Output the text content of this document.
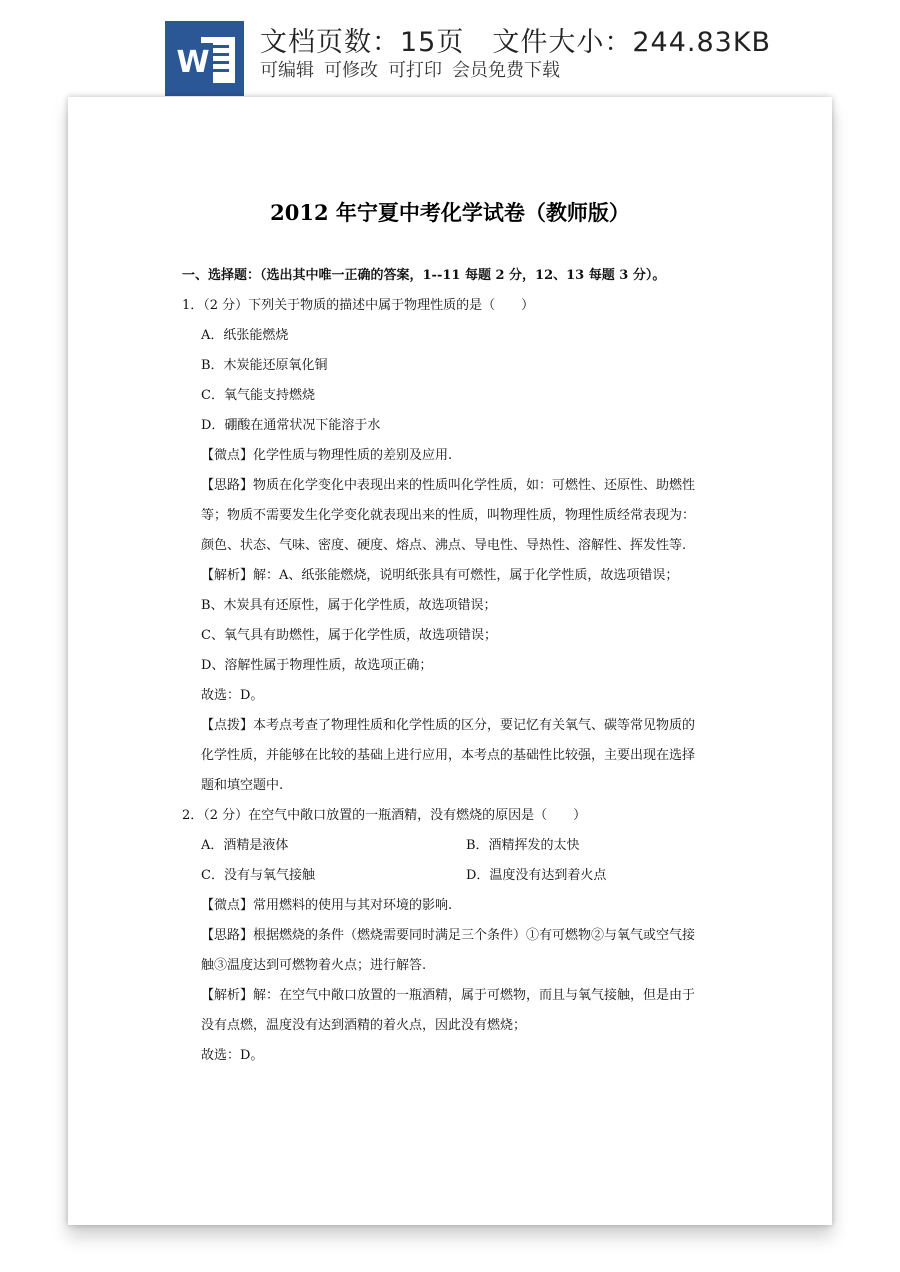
W
文档页数：15页 文件大小：244.83KB
可编辑 可修改 可打印 会员免费下载
2012 年宁夏中考化学试卷（教师版）
一、选择题：（选出其中唯一正确的答案，1--11 每题 2 分，12、13 每题 3 分）。
1．（2 分）下列关于物质的描述中属于物理性质的是（　　）
A．纸张能燃烧
B．木炭能还原氧化铜
C．氧气能支持燃烧
D．硼酸在通常状况下能溶于水
【微点】化学性质与物理性质的差别及应用.
【思路】物质在化学变化中表现出来的性质叫化学性质，如：可燃性、还原性、助燃性
等；物质不需要发生化学变化就表现出来的性质，叫物理性质，物理性质经常表现为：
颜色、状态、气味、密度、硬度、熔点、沸点、导电性、导热性、溶解性、挥发性等.
【解析】解：A、纸张能燃烧，说明纸张具有可燃性，属于化学性质，故选项错误；
B、木炭具有还原性，属于化学性质，故选项错误；
C、氧气具有助燃性，属于化学性质，故选项错误；
D、溶解性属于物理性质，故选项正确；
故选：D。
【点拨】本考点考查了物理性质和化学性质的区分，要记忆有关氧气、碳等常见物质的
化学性质，并能够在比较的基础上进行应用，本考点的基础性比较强，主要出现在选择
题和填空题中.
2．（2 分）在空气中敞口放置的一瓶酒精，没有燃烧的原因是（　　）
A．酒精是液体	B．酒精挥发的太快
C．没有与氧气接触	D．温度没有达到着火点
【微点】常用燃料的使用与其对环境的影响.
【思路】根据燃烧的条件（燃烧需要同时满足三个条件）①有可燃物②与氧气或空气接
触③温度达到可燃物着火点；进行解答.
【解析】解：在空气中敞口放置的一瓶酒精，属于可燃物，而且与氧气接触，但是由于
没有点燃，温度没有达到酒精的着火点，因此没有燃烧；
故选：D。
